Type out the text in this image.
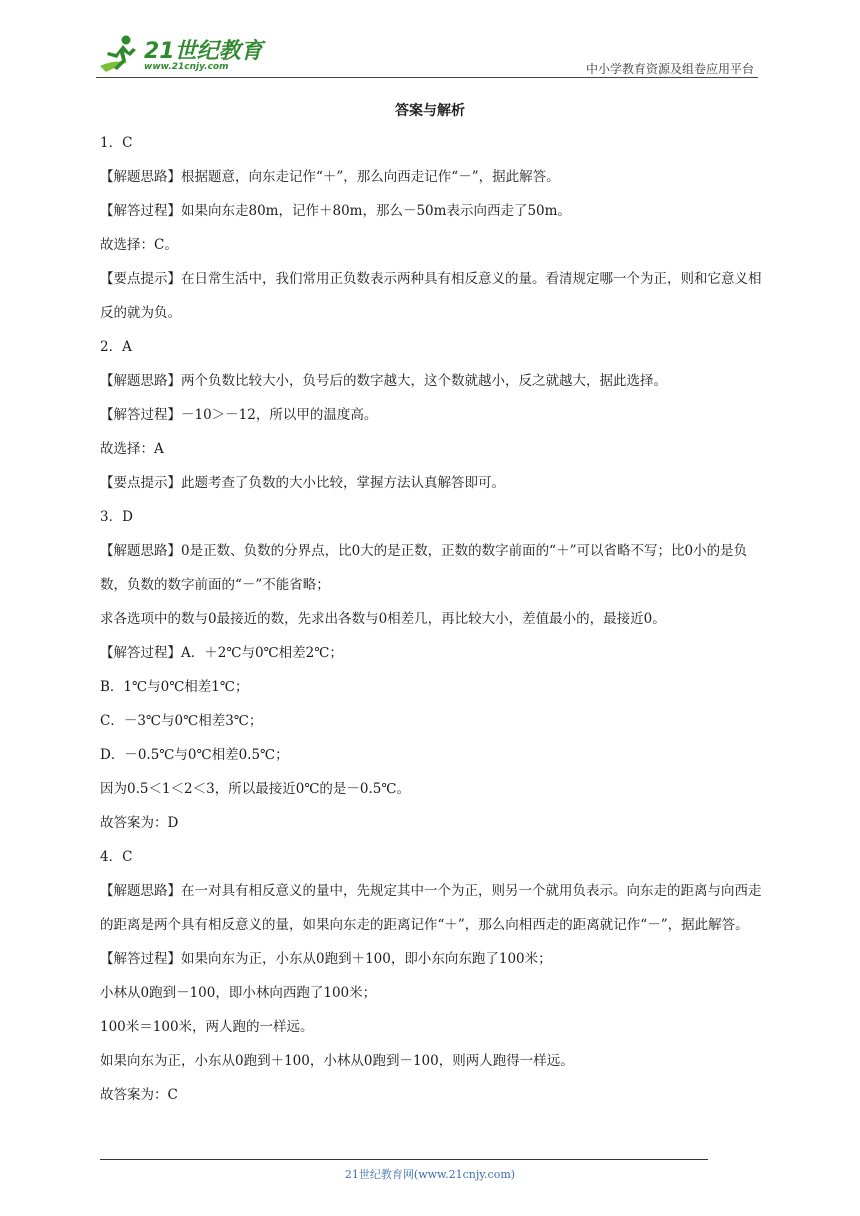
21世纪教育
www.21cnjy.com	中小学教育资源及组卷应用平台
答案与解析
1．C
【解题思路】根据题意，向东走记作“＋”，那么向西走记作“－”，据此解答。
【解答过程】如果向东走80m，记作＋80m，那么－50m表示向西走了50m。
故选择：C。
【要点提示】在日常生活中，我们常用正负数表示两种具有相反意义的量。看清规定哪一个为正，则和它意义相反的就为负。
2．A
【解题思路】两个负数比较大小，负号后的数字越大，这个数就越小，反之就越大，据此选择。
【解答过程】－10＞－12，所以甲的温度高。
故选择：A
【要点提示】此题考查了负数的大小比较，掌握方法认真解答即可。
3．D
【解题思路】0是正数、负数的分界点，比0大的是正数，正数的数字前面的“＋”可以省略不写；比0小的是负数，负数的数字前面的“－”不能省略；
求各选项中的数与0最接近的数，先求出各数与0相差几，再比较大小，差值最小的，最接近0。
【解答过程】A．＋2℃与0℃相差2℃；
B．1℃与0℃相差1℃；
C．－3℃与0℃相差3℃；
D．－0.5℃与0℃相差0.5℃；
因为0.5＜1＜2＜3，所以最接近0℃的是－0.5℃。
故答案为：D
4．C
【解题思路】在一对具有相反意义的量中，先规定其中一个为正，则另一个就用负表示。向东走的距离与向西走的距离是两个具有相反意义的量，如果向东走的距离记作“＋”，那么向相西走的距离就记作“－”，据此解答。
【解答过程】如果向东为正，小东从0跑到＋100，即小东向东跑了100米；
小林从0跑到－100，即小林向西跑了100米；
100米＝100米，两人跑的一样远。
如果向东为正，小东从0跑到＋100，小林从0跑到－100，则两人跑得一样远。
故答案为：C
21世纪教育网(www.21cnjy.com)
